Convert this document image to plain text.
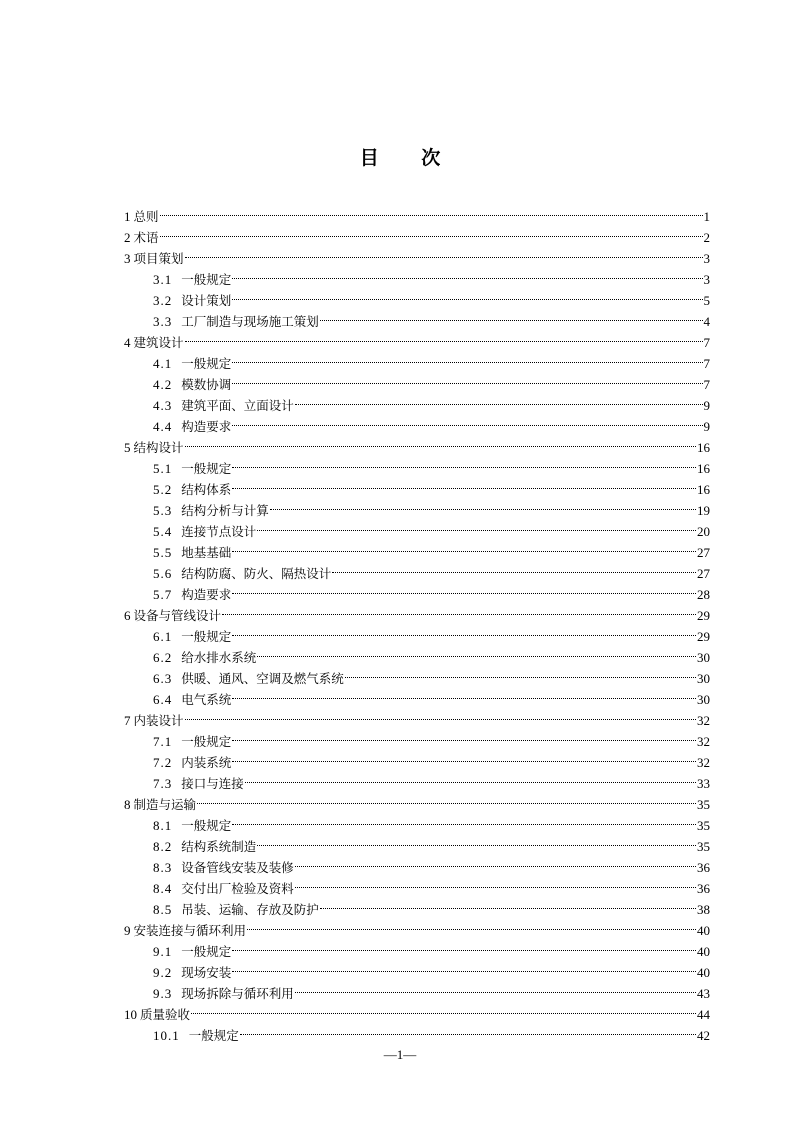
目 次
1 总则	1
2 术语	2
3 项目策划	3
3.1 一般规定	3
3.2 设计策划	5
3.3 工厂制造与现场施工策划	4
4 建筑设计	7
4.1 一般规定	7
4.2 模数协调	7
4.3 建筑平面、立面设计	9
4.4 构造要求	9
5 结构设计	16
5.1 一般规定	16
5.2 结构体系	16
5.3 结构分析与计算	19
5.4 连接节点设计	20
5.5 地基基础	27
5.6 结构防腐、防火、隔热设计	27
5.7 构造要求	28
6 设备与管线设计	29
6.1 一般规定	29
6.2 给水排水系统	30
6.3 供暖、通风、空调及燃气系统	30
6.4 电气系统	30
7 内装设计	32
7.1 一般规定	32
7.2 内装系统	32
7.3 接口与连接	33
8 制造与运输	35
8.1 一般规定	35
8.2 结构系统制造	35
8.3 设备管线安装及装修	36
8.4 交付出厂检验及资料	36
8.5 吊装、运输、存放及防护	38
9 安装连接与循环利用	40
9.1 一般规定	40
9.2 现场安装	40
9.3 现场拆除与循环利用	43
10 质量验收	44
10.1 一般规定	42
—1—
